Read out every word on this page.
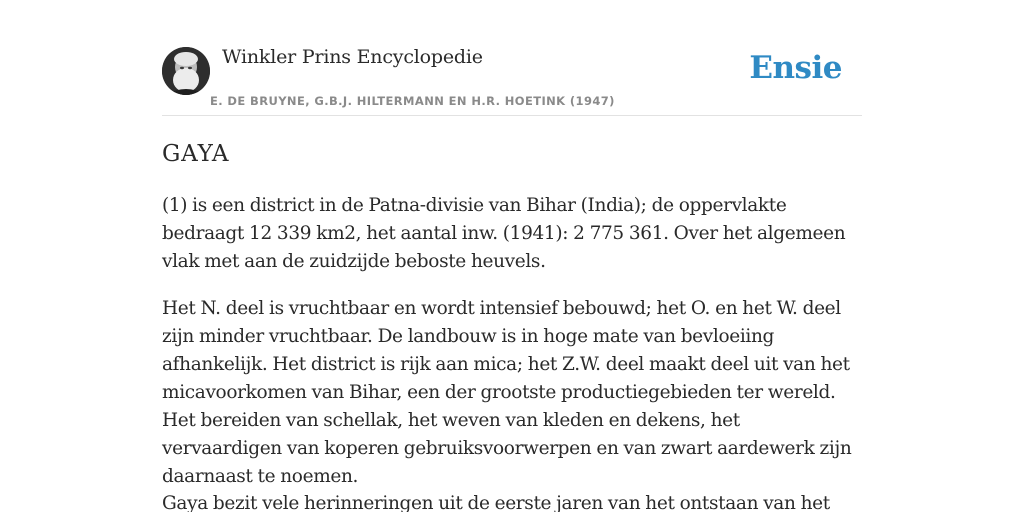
Winkler Prins Encyclopedie
E. DE BRUYNE, G.B.J. HILTERMANN EN H.R. HOETINK (1947)
Ensie
GAYA

(1) is een district in de Patna-divisie van Bihar (India); de oppervlakte bedraagt 12 339 km2, het aantal inw. (1941): 2 775 361. Over het algemeen vlak met aan de zuidzijde beboste heuvels.

Het N. deel is vruchtbaar en wordt intensief bebouwd; het O. en het W. deel zijn minder vruchtbaar. De landbouw is in hoge mate van bevloeiing afhankelijk. Het district is rijk aan mica; het Z.W. deel maakt deel uit van het micavoorkomen van Bihar, een der grootste productiegebieden ter wereld. Het bereiden van schellak, het weven van kleden en dekens, het vervaardigen van koperen gebruiksvoorwerpen en van zwart aardewerk zijn daarnaast te noemen.

Gaya bezit vele herinneringen uit de eerste jaren van het ontstaan van het
